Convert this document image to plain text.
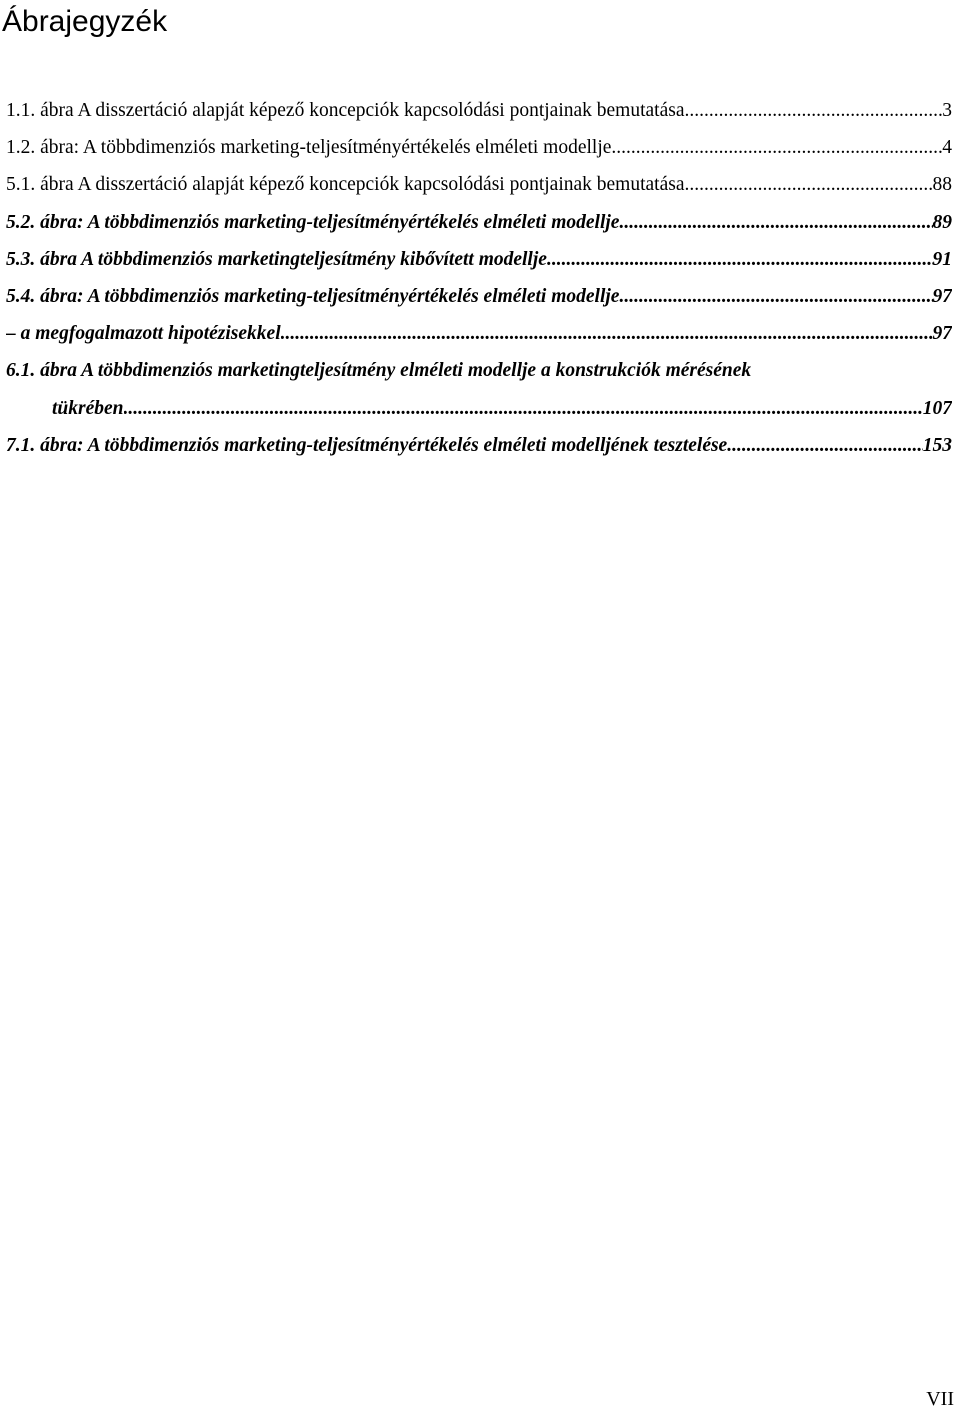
Ábrajegyzék
1.1. ábra A disszertáció alapját képező koncepciók kapcsolódási pontjainak bemutatása .....	3
1.2. ábra: A többdimenziós marketing-teljesítményértékelés elméleti modellje .....	4
5.1. ábra A disszertáció alapját képező koncepciók kapcsolódási pontjainak bemutatása .....	88
5.2. ábra: A többdimenziós marketing-teljesítményértékelés elméleti modellje .....	89
5.3. ábra A többdimenziós marketingteljesítmény kibővített modellje .....	91
5.4. ábra: A többdimenziós marketing-teljesítményértékelés elméleti modellje .....	97
– a megfogalmazott hipotézisekkel .....	97
6.1. ábra A többdimenziós marketingteljesítmény elméleti modellje a konstrukciók mérésének
tükrében .....	107
7.1. ábra: A többdimenziós marketing-teljesítményértékelés elméleti modelljének tesztelése .....	153
VII
